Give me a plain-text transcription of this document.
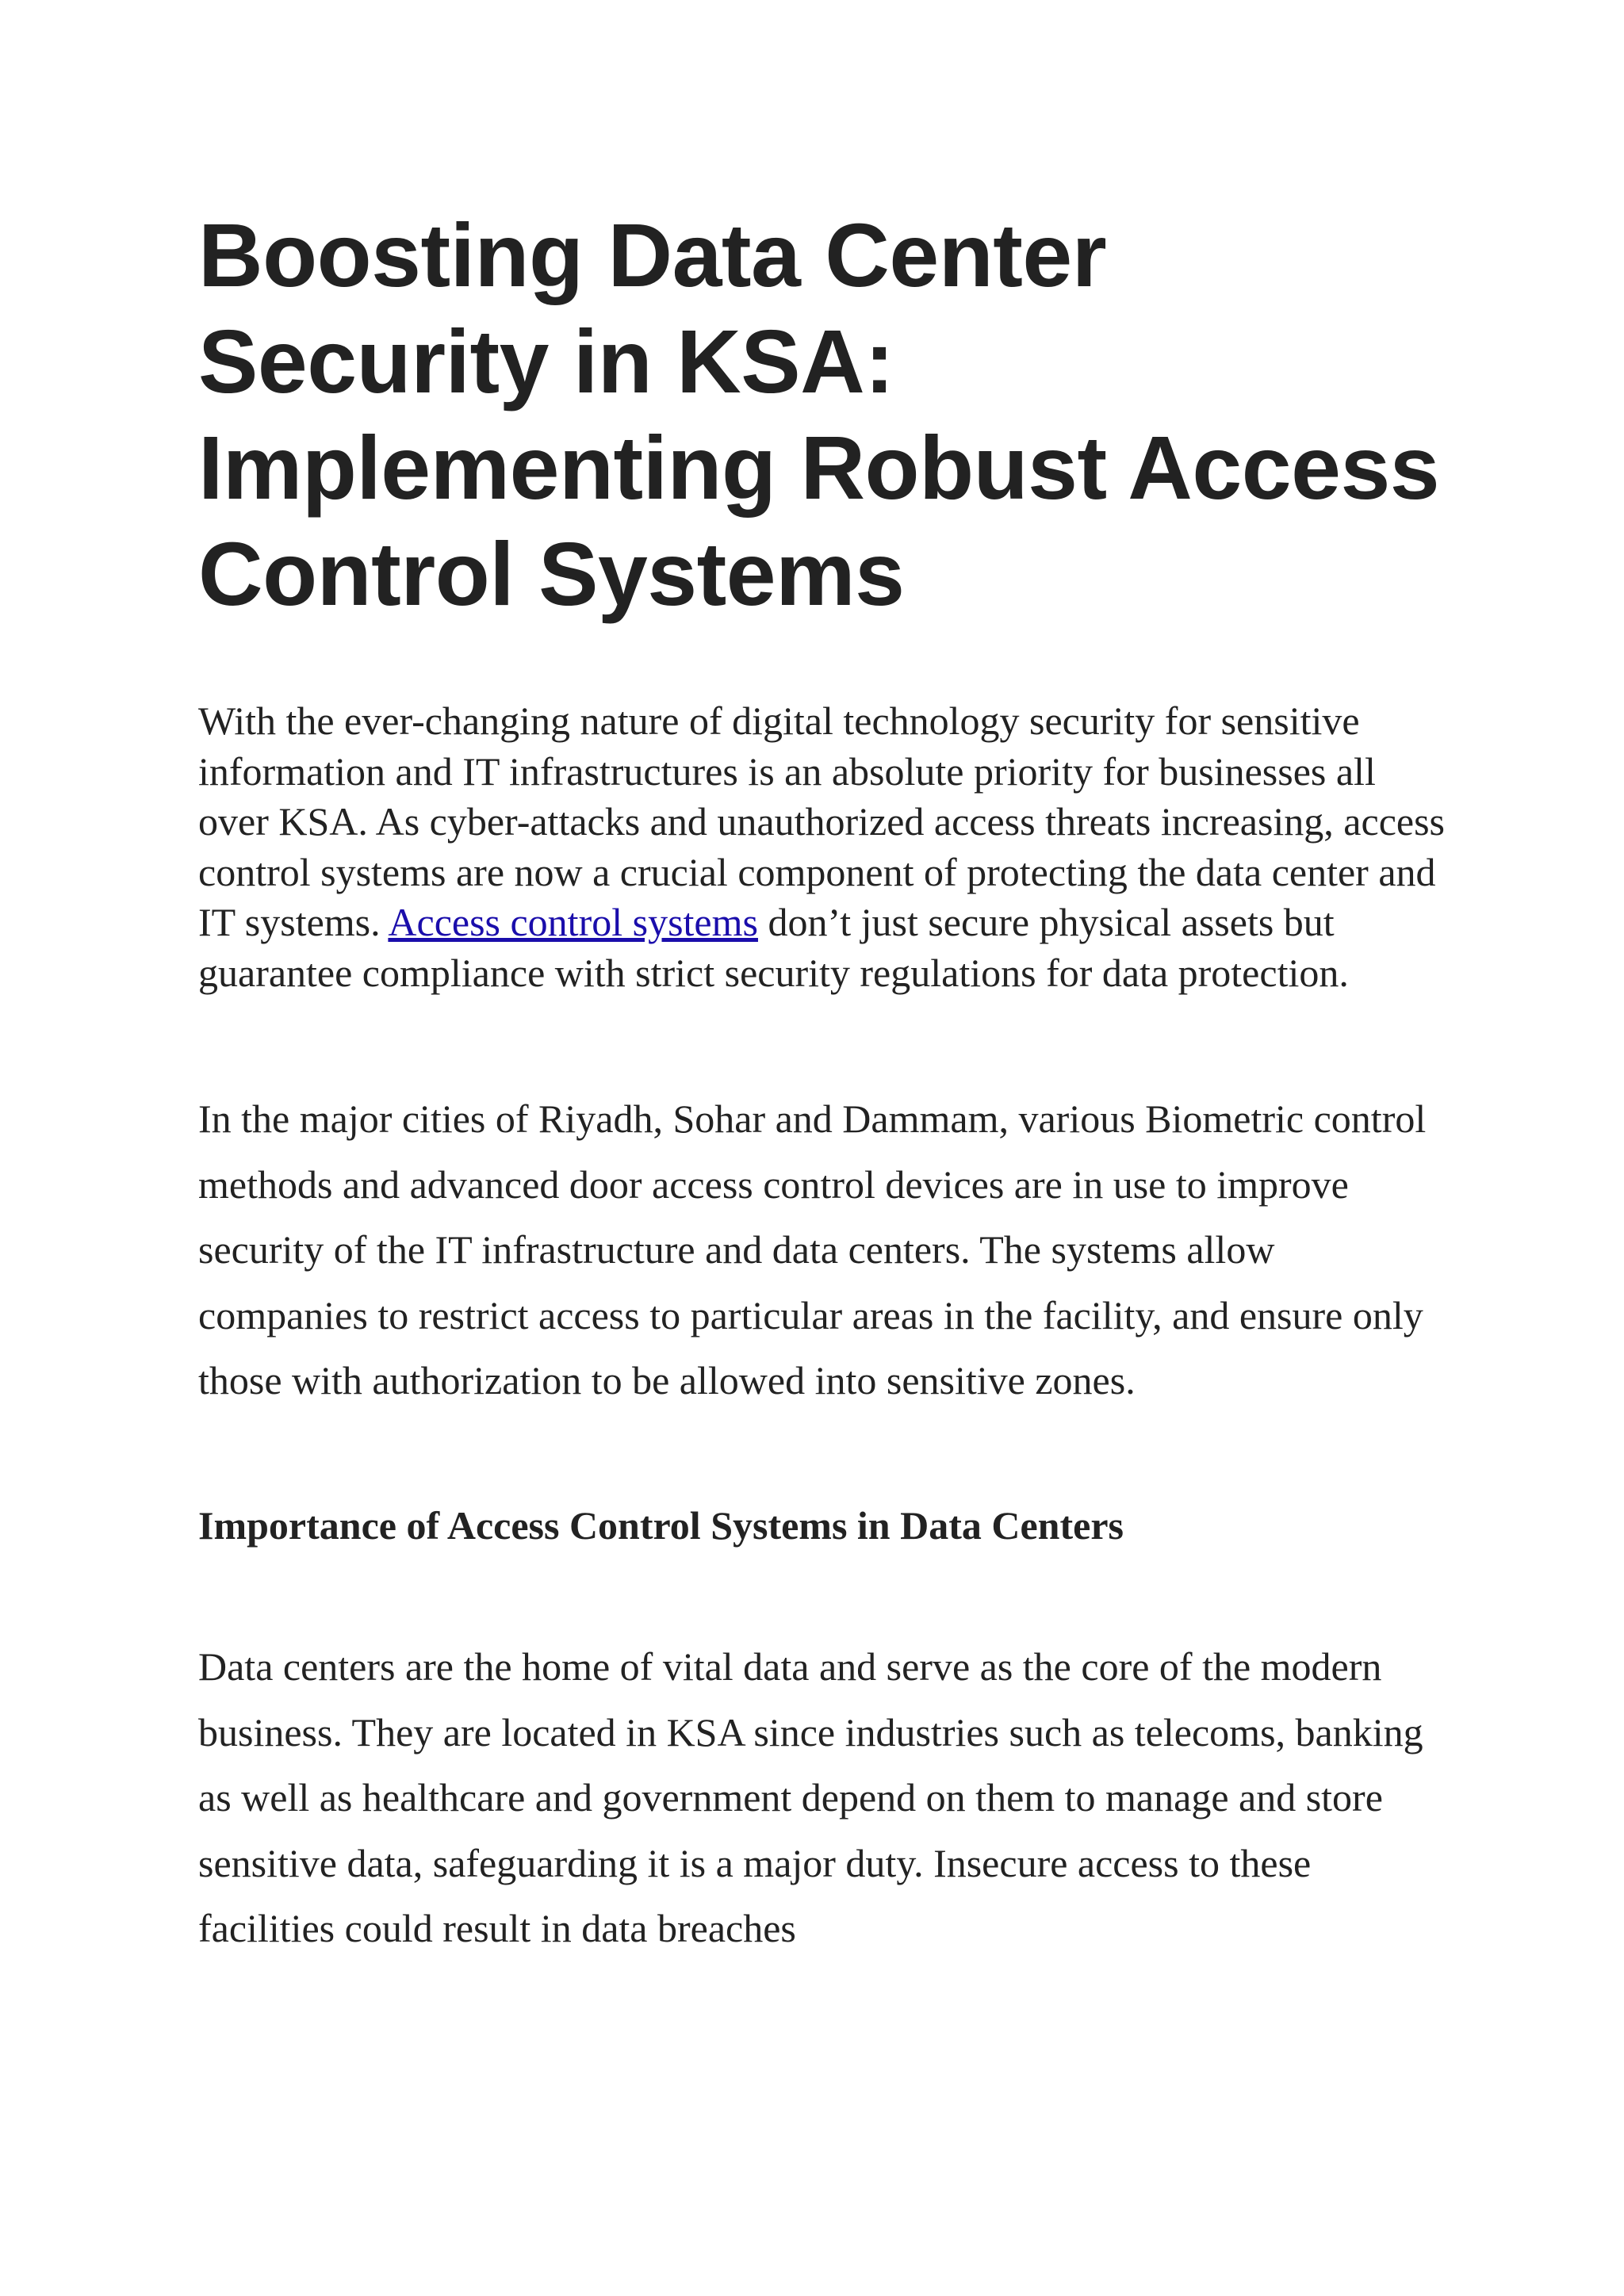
Boosting Data Center Security in KSA: Implementing Robust Access Control Systems

With the ever-changing nature of digital technology security for sensitive information and IT infrastructures is an absolute priority for businesses all over KSA. As cyber-attacks and unauthorized access threats increasing, access control systems are now a crucial component of protecting the data center and IT systems. Access control systems don’t just secure physical assets but guarantee compliance with strict security regulations for data protection.

In the major cities of Riyadh, Sohar and Dammam, various Biometric control methods and advanced door access control devices are in use to improve security of the IT infrastructure and data centers. The systems allow companies to restrict access to particular areas in the facility, and ensure only those with authorization to be allowed into sensitive zones.

Importance of Access Control Systems in Data Centers

Data centers are the home of vital data and serve as the core of the modern business. They are located in KSA since industries such as telecoms, banking as well as healthcare and government depend on them to manage and store sensitive data, safeguarding it is a major duty. Insecure access to these facilities could result in data breaches
